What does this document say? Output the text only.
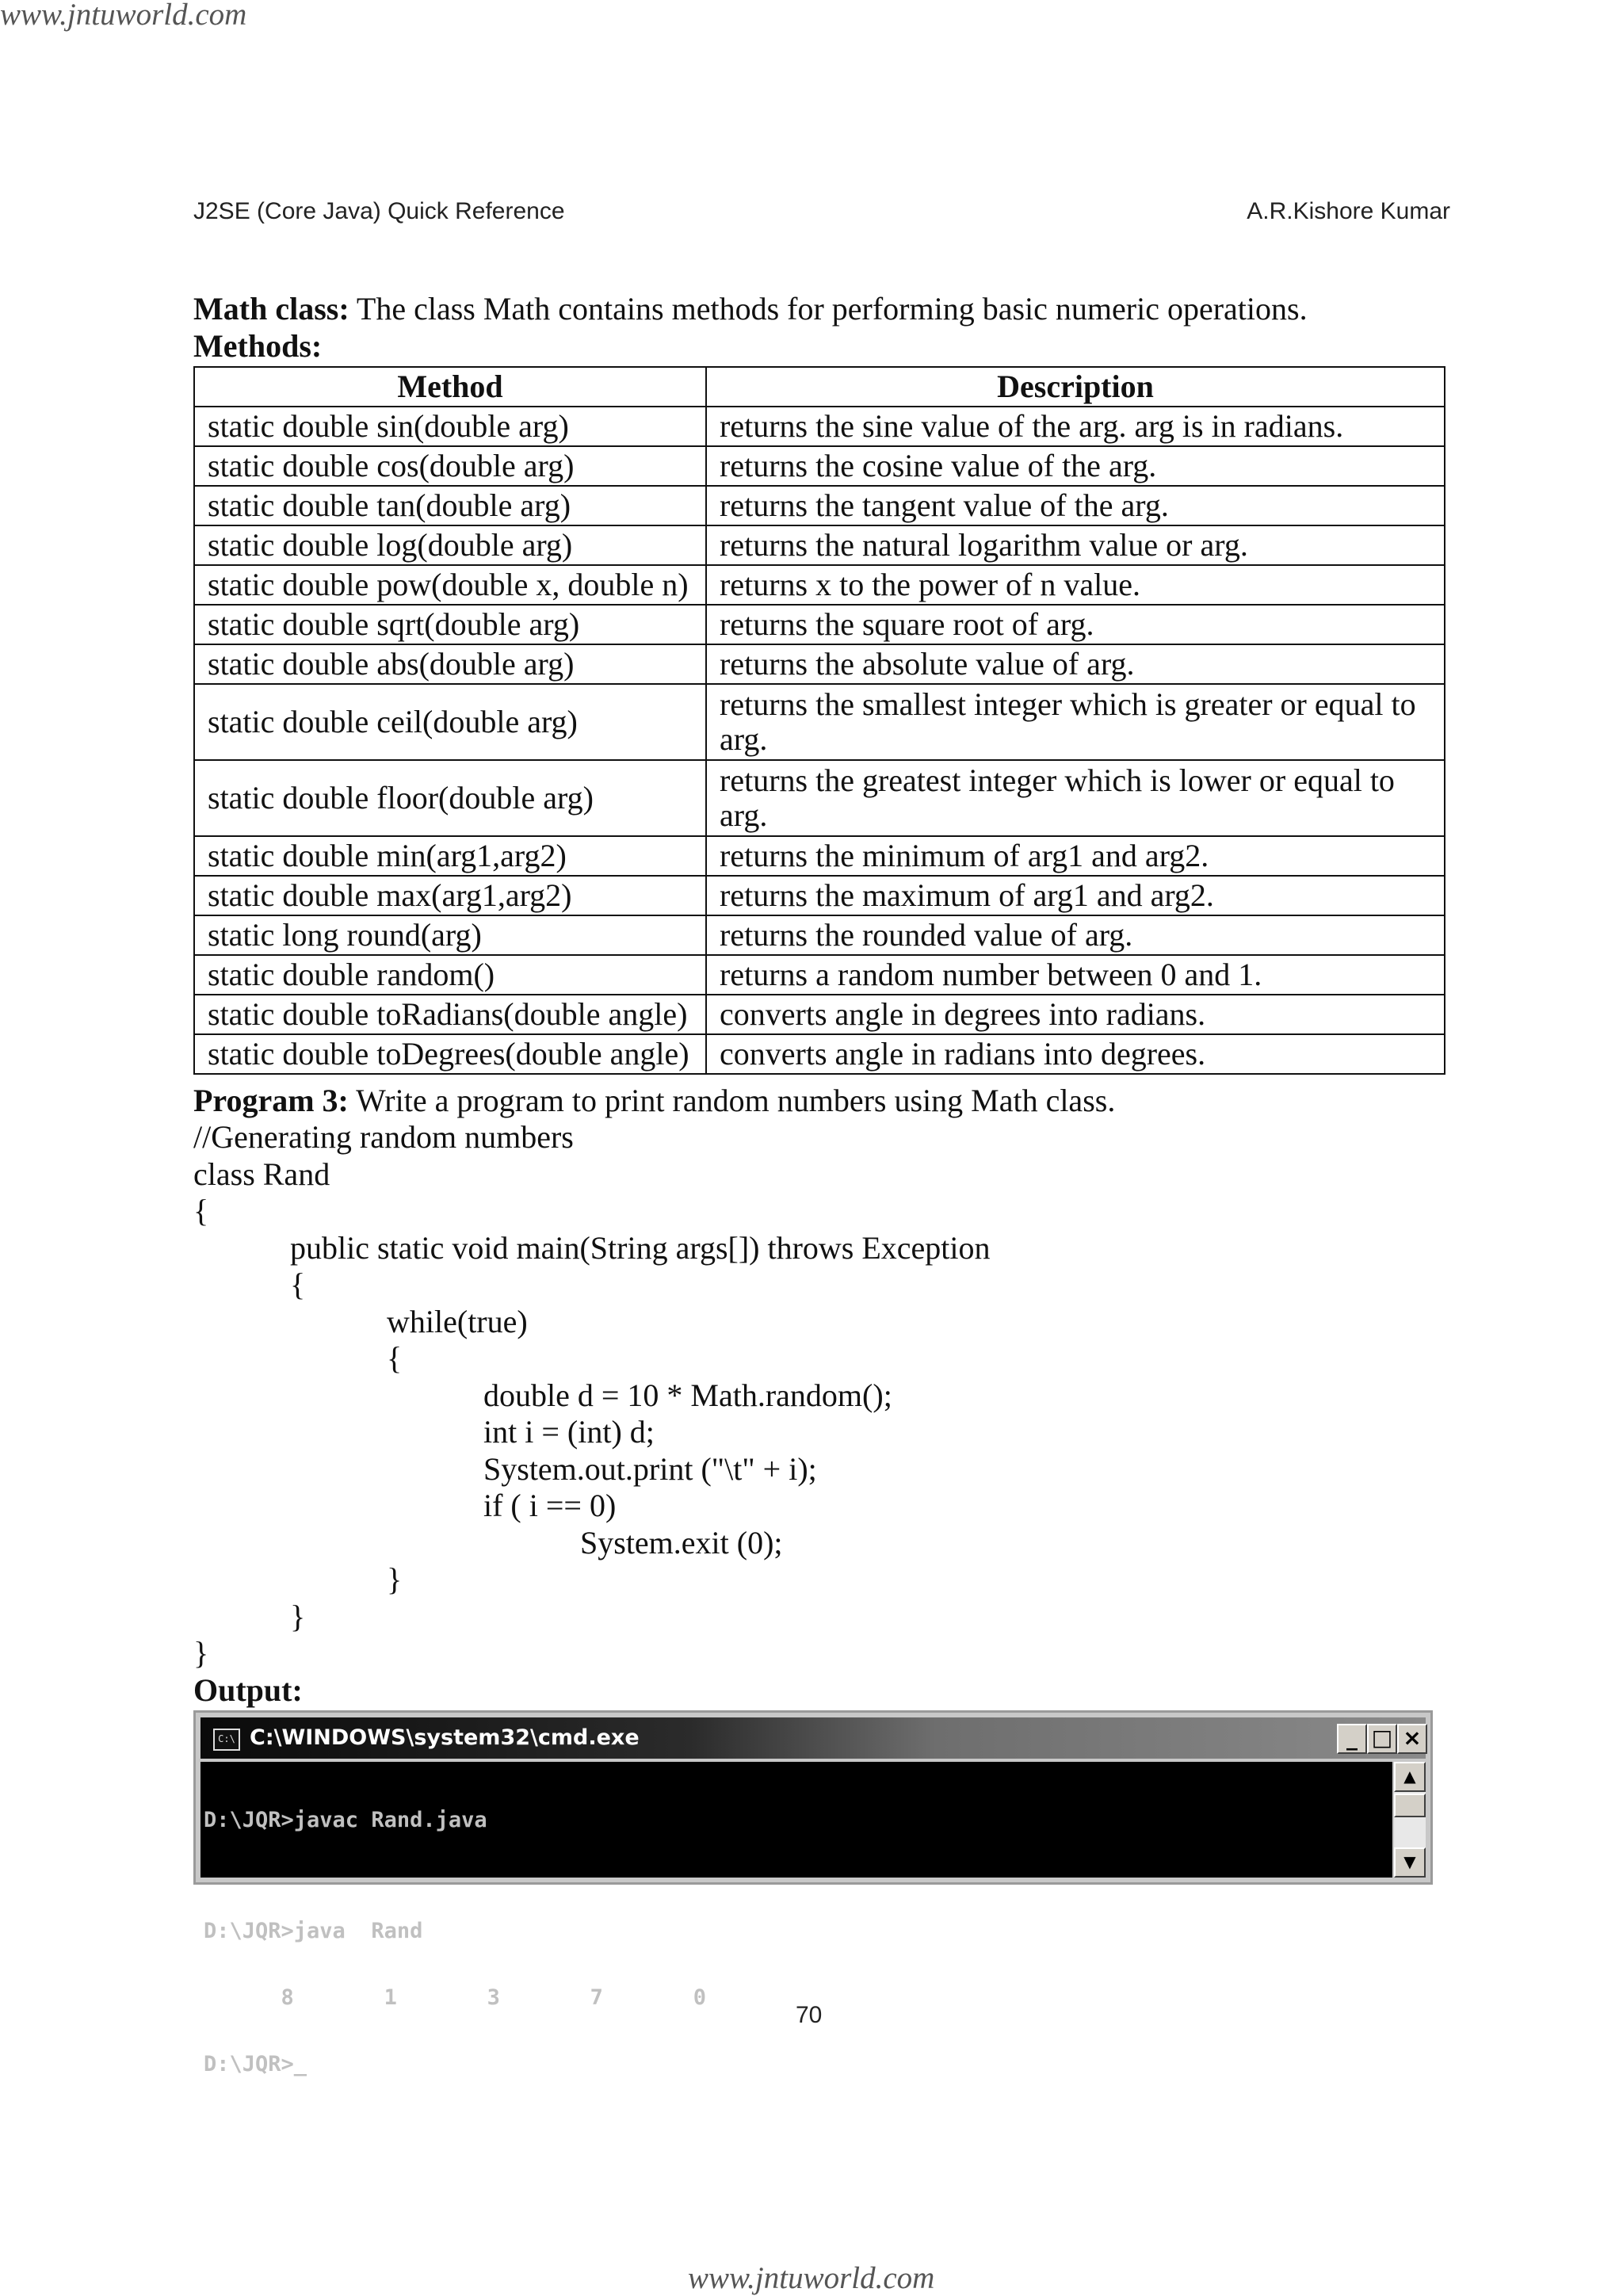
www.jntuworld.com
www.jntuworld.com
J2SE (Core Java) Quick Reference	A.R.Kishore Kumar
Math class: The class Math contains methods for performing basic numeric operations.
Methods:
Method	Description
static double sin(double arg)	returns the sine value of the arg. arg is in radians.
static double cos(double arg)	returns the cosine value of the arg.
static double tan(double arg)	returns the tangent value of the arg.
static double log(double arg)	returns the natural logarithm value or arg.
static double pow(double x, double n)	returns x to the power of n value.
static double sqrt(double arg)	returns the square root of arg.
static double abs(double arg)	returns the absolute value of arg.
static double ceil(double arg)	returns the smallest integer which is greater or equal to arg.
static double floor(double arg)	returns the greatest integer which is lower or equal to arg.
static double min(arg1,arg2)	returns the minimum of arg1 and arg2.
static double max(arg1,arg2)	returns the maximum of arg1 and arg2.
static long round(arg)	returns the rounded value of arg.
static double random()	returns a random number between 0 and 1.
static double toRadians(double angle)	converts angle in degrees into radians.
static double toDegrees(double angle)	converts angle in radians into degrees.
Program 3: Write a program to print random numbers using Math class.
//Generating random numbers
class Rand
{
public static void main(String args[]) throws Exception
{
while(true)
{
double d = 10 * Math.random();
int i = (int) d;
System.out.print ("\t" + i);
if ( i == 0)
System.exit (0);
}
}
}
Output:
C:\ C:\WINDOWS\system32\cmd.exe	_ □ ×

D:\JQR>javac Rand.java

D:\JQR>java  Rand

8       1       3       7       0

D:\JQR>_

▲
▼
70
